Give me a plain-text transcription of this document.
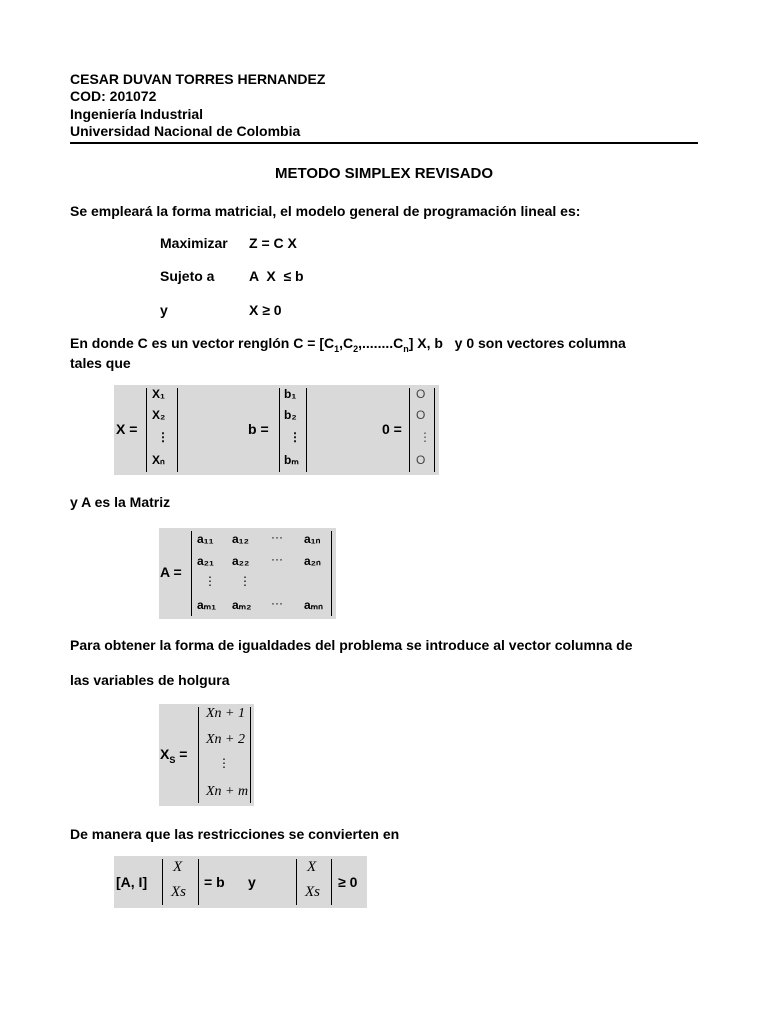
CESAR DUVAN TORRES HERNANDEZ
COD: 201072
Ingeniería Industrial
Universidad Nacional de Colombia
METODO SIMPLEX REVISADO
Se empleará la forma matricial, el modelo general de programación lineal es:
Maximizar Z = C X
Sujeto a A  X  ≤ b
y	X ≥ 0
En donde C es un vector renglón $C = [C_1,C_2,........C_n]$ X, b   y 0 son vectores columna
tales que
X =
X₁
X₂
⋮
Xₙ
b =
b₁
b₂
⋮
bₘ
0 =
O
O
⋮
O
y A es la Matriz
A =
a₁₁ a₁₂ ··· a₁ₙ
a₂₁ a₂₂ ··· a₂ₙ
⋮ ⋮
aₘ₁ aₘ₂ ··· aₘₙ
Para obtener la forma de igualdades del problema se introduce al vector columna de
las variables de holgura
$X_S$ =
Xn + 1
Xn + 2
⋮
Xn + m
De manera que las restricciones se convierten en
[A, I]
X
Xs
= b y
X
Xs
≥ 0
